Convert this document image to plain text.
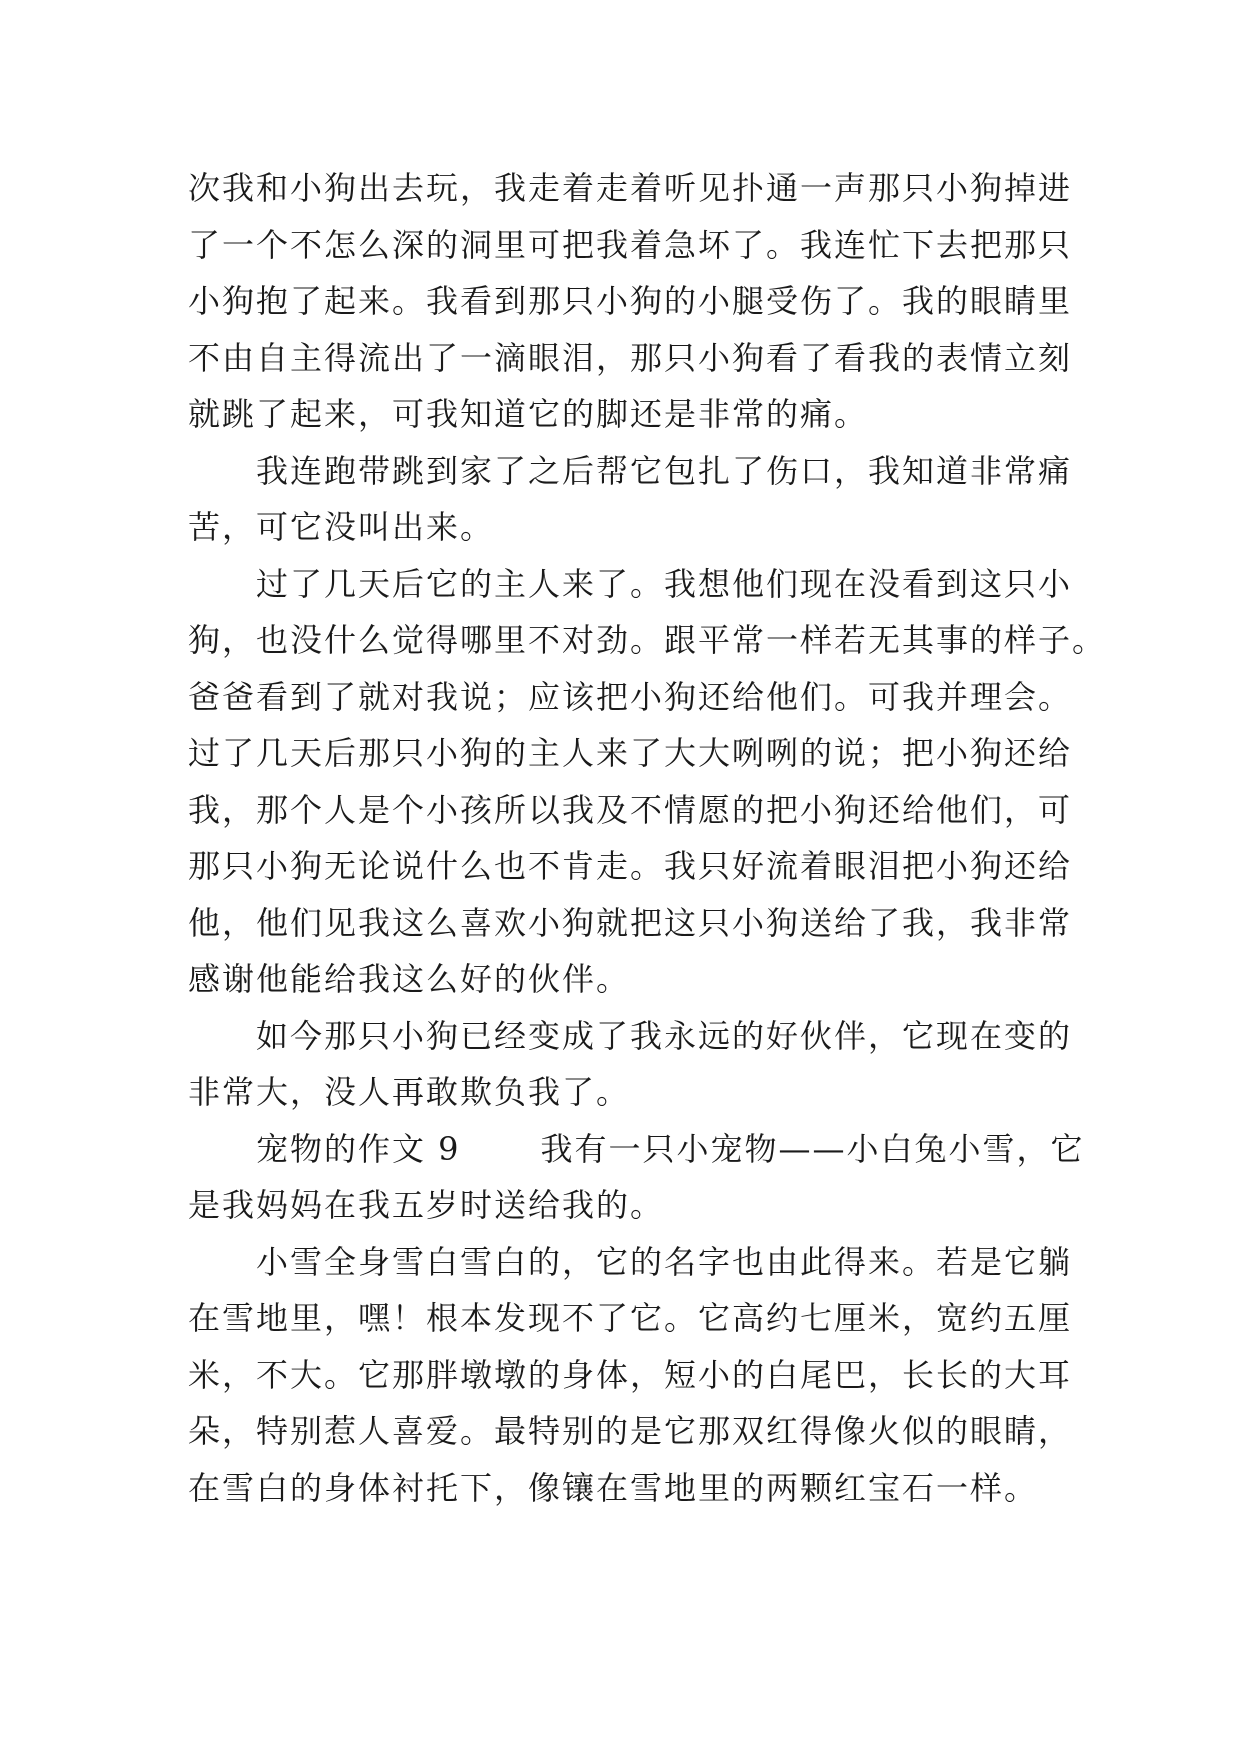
次我和小狗出去玩，我走着走着听见扑通一声那只小狗掉进
了一个不怎么深的洞里可把我着急坏了。我连忙下去把那只
小狗抱了起来。我看到那只小狗的小腿受伤了。我的眼睛里
不由自主得流出了一滴眼泪，那只小狗看了看我的表情立刻
就跳了起来，可我知道它的脚还是非常的痛。
我连跑带跳到家了之后帮它包扎了伤口，我知道非常痛
苦，可它没叫出来。
过了几天后它的主人来了。我想他们现在没看到这只小
狗，也没什么觉得哪里不对劲。跟平常一样若无其事的样子。
爸爸看到了就对我说；应该把小狗还给他们。可我并理会。
过了几天后那只小狗的主人来了大大咧咧的说；把小狗还给
我，那个人是个小孩所以我及不情愿的把小狗还给他们，可
那只小狗无论说什么也不肯走。我只好流着眼泪把小狗还给
他，他们见我这么喜欢小狗就把这只小狗送给了我，我非常
感谢他能给我这么好的伙伴。
如今那只小狗已经变成了我永远的好伙伴，它现在变的
非常大，没人再敢欺负我了。
宠物的作文 9	我有一只小宠物——小白兔小雪，它
是我妈妈在我五岁时送给我的。
小雪全身雪白雪白的，它的名字也由此得来。若是它躺
在雪地里，嘿！根本发现不了它。它高约七厘米，宽约五厘
米，不大。它那胖墩墩的身体，短小的白尾巴，长长的大耳
朵，特别惹人喜爱。最特别的是它那双红得像火似的眼睛，
在雪白的身体衬托下，像镶在雪地里的两颗红宝石一样。
